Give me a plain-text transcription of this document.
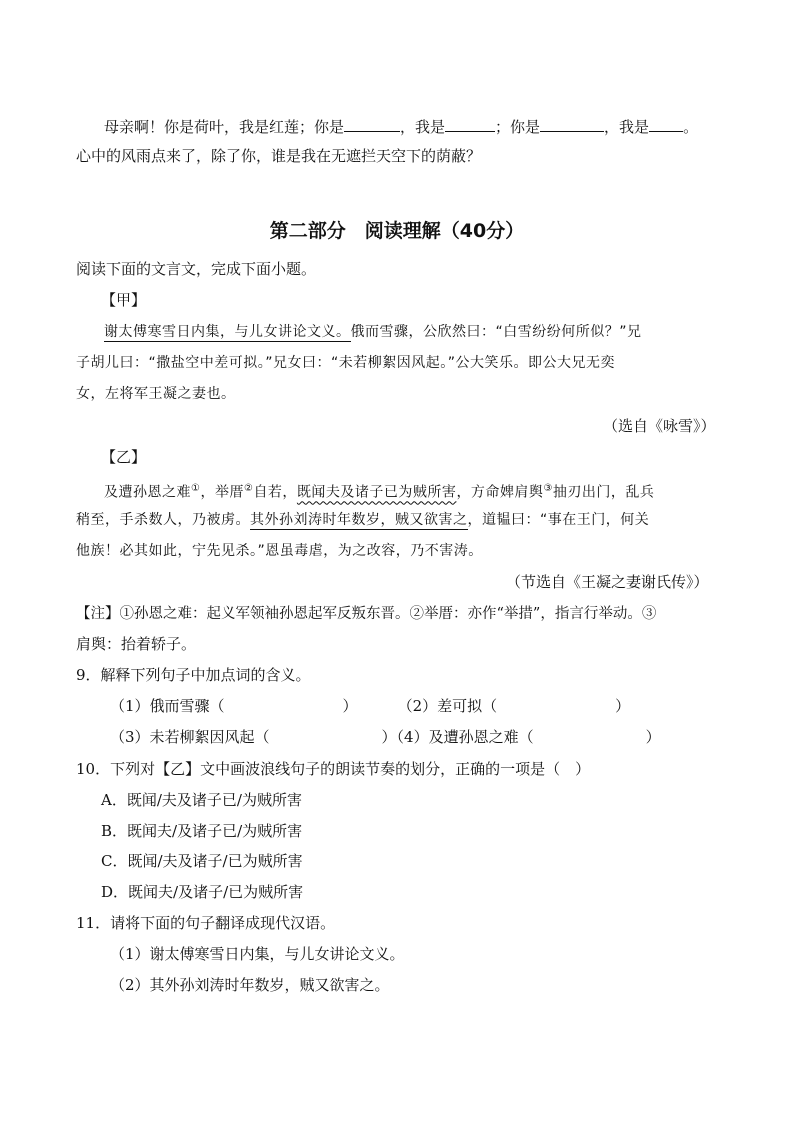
母亲啊！你是荷叶，我是红莲；你是	，我是	；你是	，我是 。
心中的风雨点来了，除了你，谁是我在无遮拦天空下的荫蔽？
第二部分　阅读理解（40分）
阅读下面的文言文，完成下面小题。
【甲】
谢太傅寒雪日内集，与儿女讲论文义。俄而雪骤，公欣然曰：“白雪纷纷何所似？”兄
子胡儿曰：“撒盐空中差可拟。”兄女曰：“未若柳絮因风起。”公大笑乐。即公大兄无奕
女，左将军王凝之妻也。
（选自《咏雪》）
【乙】
及遭孙恩之难①，举厝②自若，既闻夫及诸子已为贼所害，方命婢肩舆③抽刃出门，乱兵
稍至，手杀数人，乃被虏。其外孙刘涛时年数岁，贼又欲害之，道韫曰：“事在王门，何关
他族！必其如此，宁先见杀。”恩虽毒虐，为之改容，乃不害涛。
（节选自《王凝之妻谢氏传》）
【注】①孙恩之难：起义军领袖孙恩起军反叛东晋。②举厝：亦作“举措”，指言行举动。③
肩舆：抬着轿子。
9．解释下列句子中加点词的含义。
（1）俄而雪骤（	）	（2）差可拟（	）
（3）未若柳絮因风起（	）（4）及遭孙恩之难（	）
10．下列对【乙】文中画波浪线句子的朗读节奏的划分，正确的一项是（　）
A．既闻/夫及诸子已/为贼所害
B．既闻夫/及诸子已/为贼所害
C．既闻/夫及诸子/已为贼所害
D．既闻夫/及诸子/已为贼所害
11．请将下面的句子翻译成现代汉语。
（1）谢太傅寒雪日内集，与儿女讲论文义。
（2）其外孙刘涛时年数岁，贼又欲害之。
